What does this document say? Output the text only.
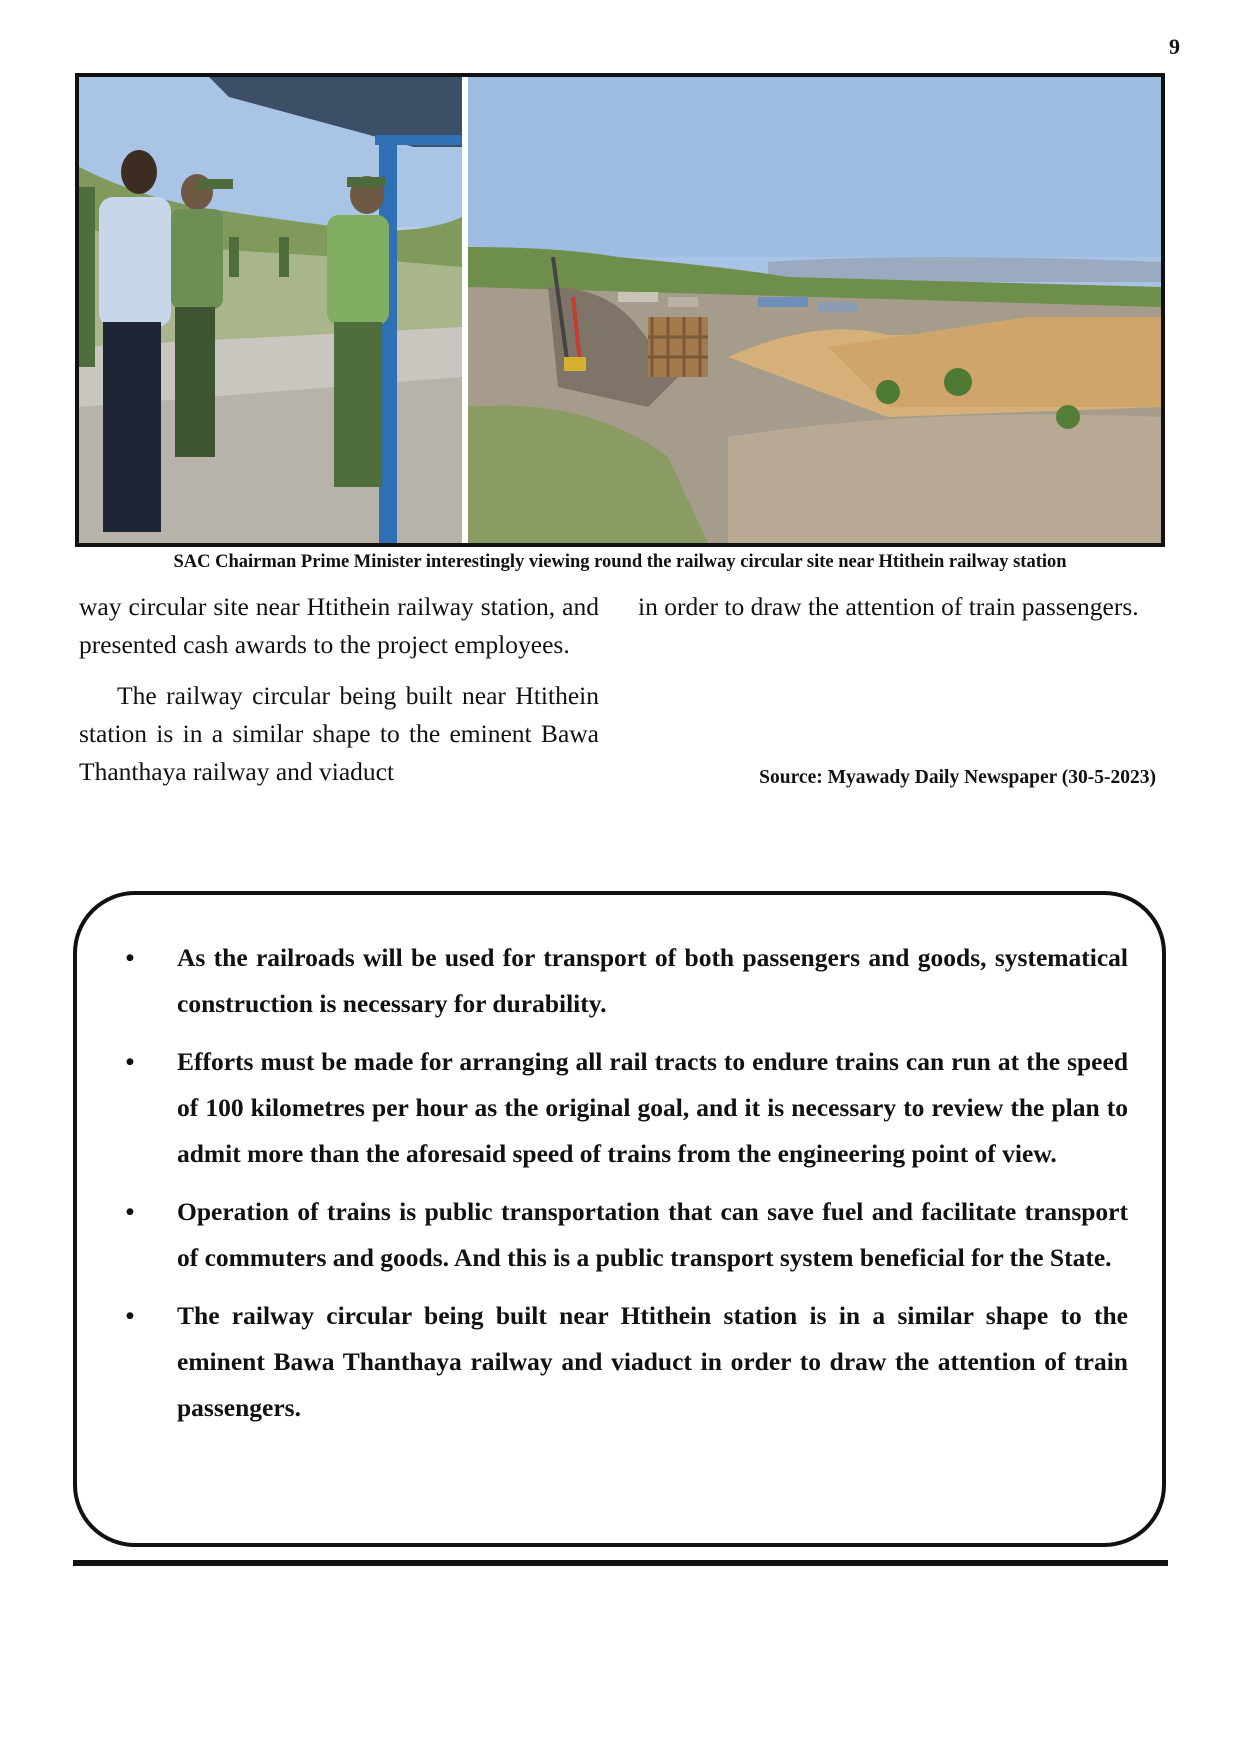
9
SAC Chairman Prime Minister interestingly viewing round the railway circular site near Htithein railway station

way circular site near Htithein railway station, and presented cash awards to the project employees.

The railway circular being built near Htithein station is in a similar shape to the eminent Bawa Thanthaya railway and viaduct

in order to draw the attention of train passengers.

Source: Myawady Daily Newspaper (30-5-2023)
•	As the railroads will be used for transport of both passengers and goods, systematical construction is necessary for durability.
•	Efforts must be made for arranging all rail tracts to endure trains can run at the speed of 100 kilometres per hour as the original goal, and it is necessary to review the plan to admit more than the aforesaid speed of trains from the engineering point of view.
•	Operation of trains is public transportation that can save fuel and facilitate transport of commuters and goods. And this is a public transport system beneficial for the State.
•	The railway circular being built near Htithein station is in a similar shape to the eminent Bawa Thanthaya railway and viaduct in order to draw the attention of train passengers.
